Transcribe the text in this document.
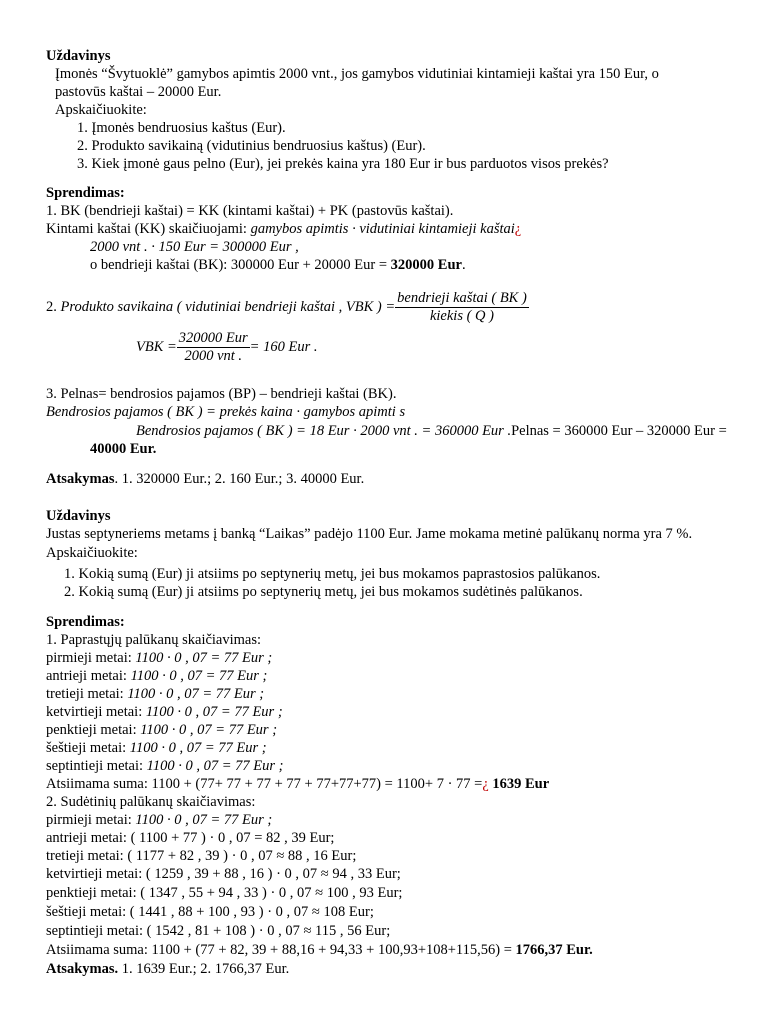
Uždavinys
Įmonės “Švytuoklė” gamybos apimtis 2000 vnt., jos gamybos vidutiniai kintamieji kaštai yra 150 Eur, o
pastovūs kaštai – 20000 Eur.
Apskaičiuokite:
1. Įmonės bendruosius kaštus (Eur).
2. Produkto savikainą (vidutinius bendruosius kaštus) (Eur).
3. Kiek įmonė gaus pelno (Eur), jei prekės kaina yra 180 Eur ir bus parduotos visos prekės?
Sprendimas:
1. BK (bendrieji kaštai) = KK (kintami kaštai) + PK (pastovūs kaštai).
Kintami kaštai (KK) skaičiuojami: gamybos apimtis · vidutiniai kintamieji kaštai¿
2000 vnt . · 150 Eur = 300000 Eur ,
o bendrieji kaštai (BK): 300000 Eur + 20000 Eur = 320000 Eur.
2. Produkto savikaina ( vidutiniai bendrieji kaštai , VBK ) = $\frac{\text{bendrieji kaštai ( BK )}}{\text{kiekis ( Q )}}$
VBK = $\frac{\text{320000 Eur}}{\text{2000 vnt .}} = 160$ Eur .
3. Pelnas= bendrosios pajamos (BP) – bendrieji kaštai (BK).
Bendrosios pajamos ( BK ) = prekės kaina · gamybos apimti s
Bendrosios pajamos ( BK ) = 18 Eur · 2000 vnt . = 360000 Eur .Pelnas = 360000 Eur – 320000 Eur =
40000 Eur.
Atsakymas. 1. 320000 Eur.; 2. 160 Eur.; 3. 40000 Eur.
Uždavinys
Justas septyneriems metams į banką “Laikas” padėjo 1100 Eur. Jame mokama metinė palūkanų norma yra 7 %.
Apskaičiuokite:
1. Kokią sumą (Eur) ji atsiims po septynerių metų, jei bus mokamos paprastosios palūkanos.
2. Kokią sumą (Eur) ji atsiims po septynerių metų, jei bus mokamos sudėtinės palūkanos.
Sprendimas:
1. Paprastųjų palūkanų skaičiavimas:
pirmieji metai: 1100 · 0 , 07 = 77 Eur ;
antrieji metai: 1100 · 0 , 07 = 77 Eur ;
tretieji metai: 1100 · 0 , 07 = 77 Eur ;
ketvirtieji metai: 1100 · 0 , 07 = 77 Eur ;
penktieji metai: 1100 · 0 , 07 = 77 Eur ;
šeštieji metai: 1100 · 0 , 07 = 77 Eur ;
septintieji metai: 1100 · 0 , 07 = 77 Eur ;
Atsiimama suma: 1100 + (77+ 77 + 77 + 77 + 77+77+77) = 1100+ 7 · 77 =¿ 1639 Eur
2. Sudėtinių palūkanų skaičiavimas:
pirmieji metai: 1100 · 0 , 07 = 77 Eur ;
antrieji metai: ( 1100 + 77 ) · 0 , 07 = 82 , 39 Eur;
tretieji metai: ( 1177 + 82 , 39 ) · 0 , 07 ≈ 88 , 16 Eur;
ketvirtieji metai: ( 1259 , 39 + 88 , 16 ) · 0 , 07 ≈ 94 , 33 Eur;
penktieji metai: ( 1347 , 55 + 94 , 33 ) · 0 , 07 ≈ 100 , 93 Eur;
šeštieji metai: ( 1441 , 88 + 100 , 93 ) · 0 , 07 ≈ 108 Eur;
septintieji metai: ( 1542 , 81 + 108 ) · 0 , 07 ≈ 115 , 56 Eur;
Atsiimama suma: 1100 + (77 + 82, 39 + 88,16 + 94,33 + 100,93+108+115,56) = 1766,37 Eur.
Atsakymas. 1. 1639 Eur.; 2. 1766,37 Eur.
